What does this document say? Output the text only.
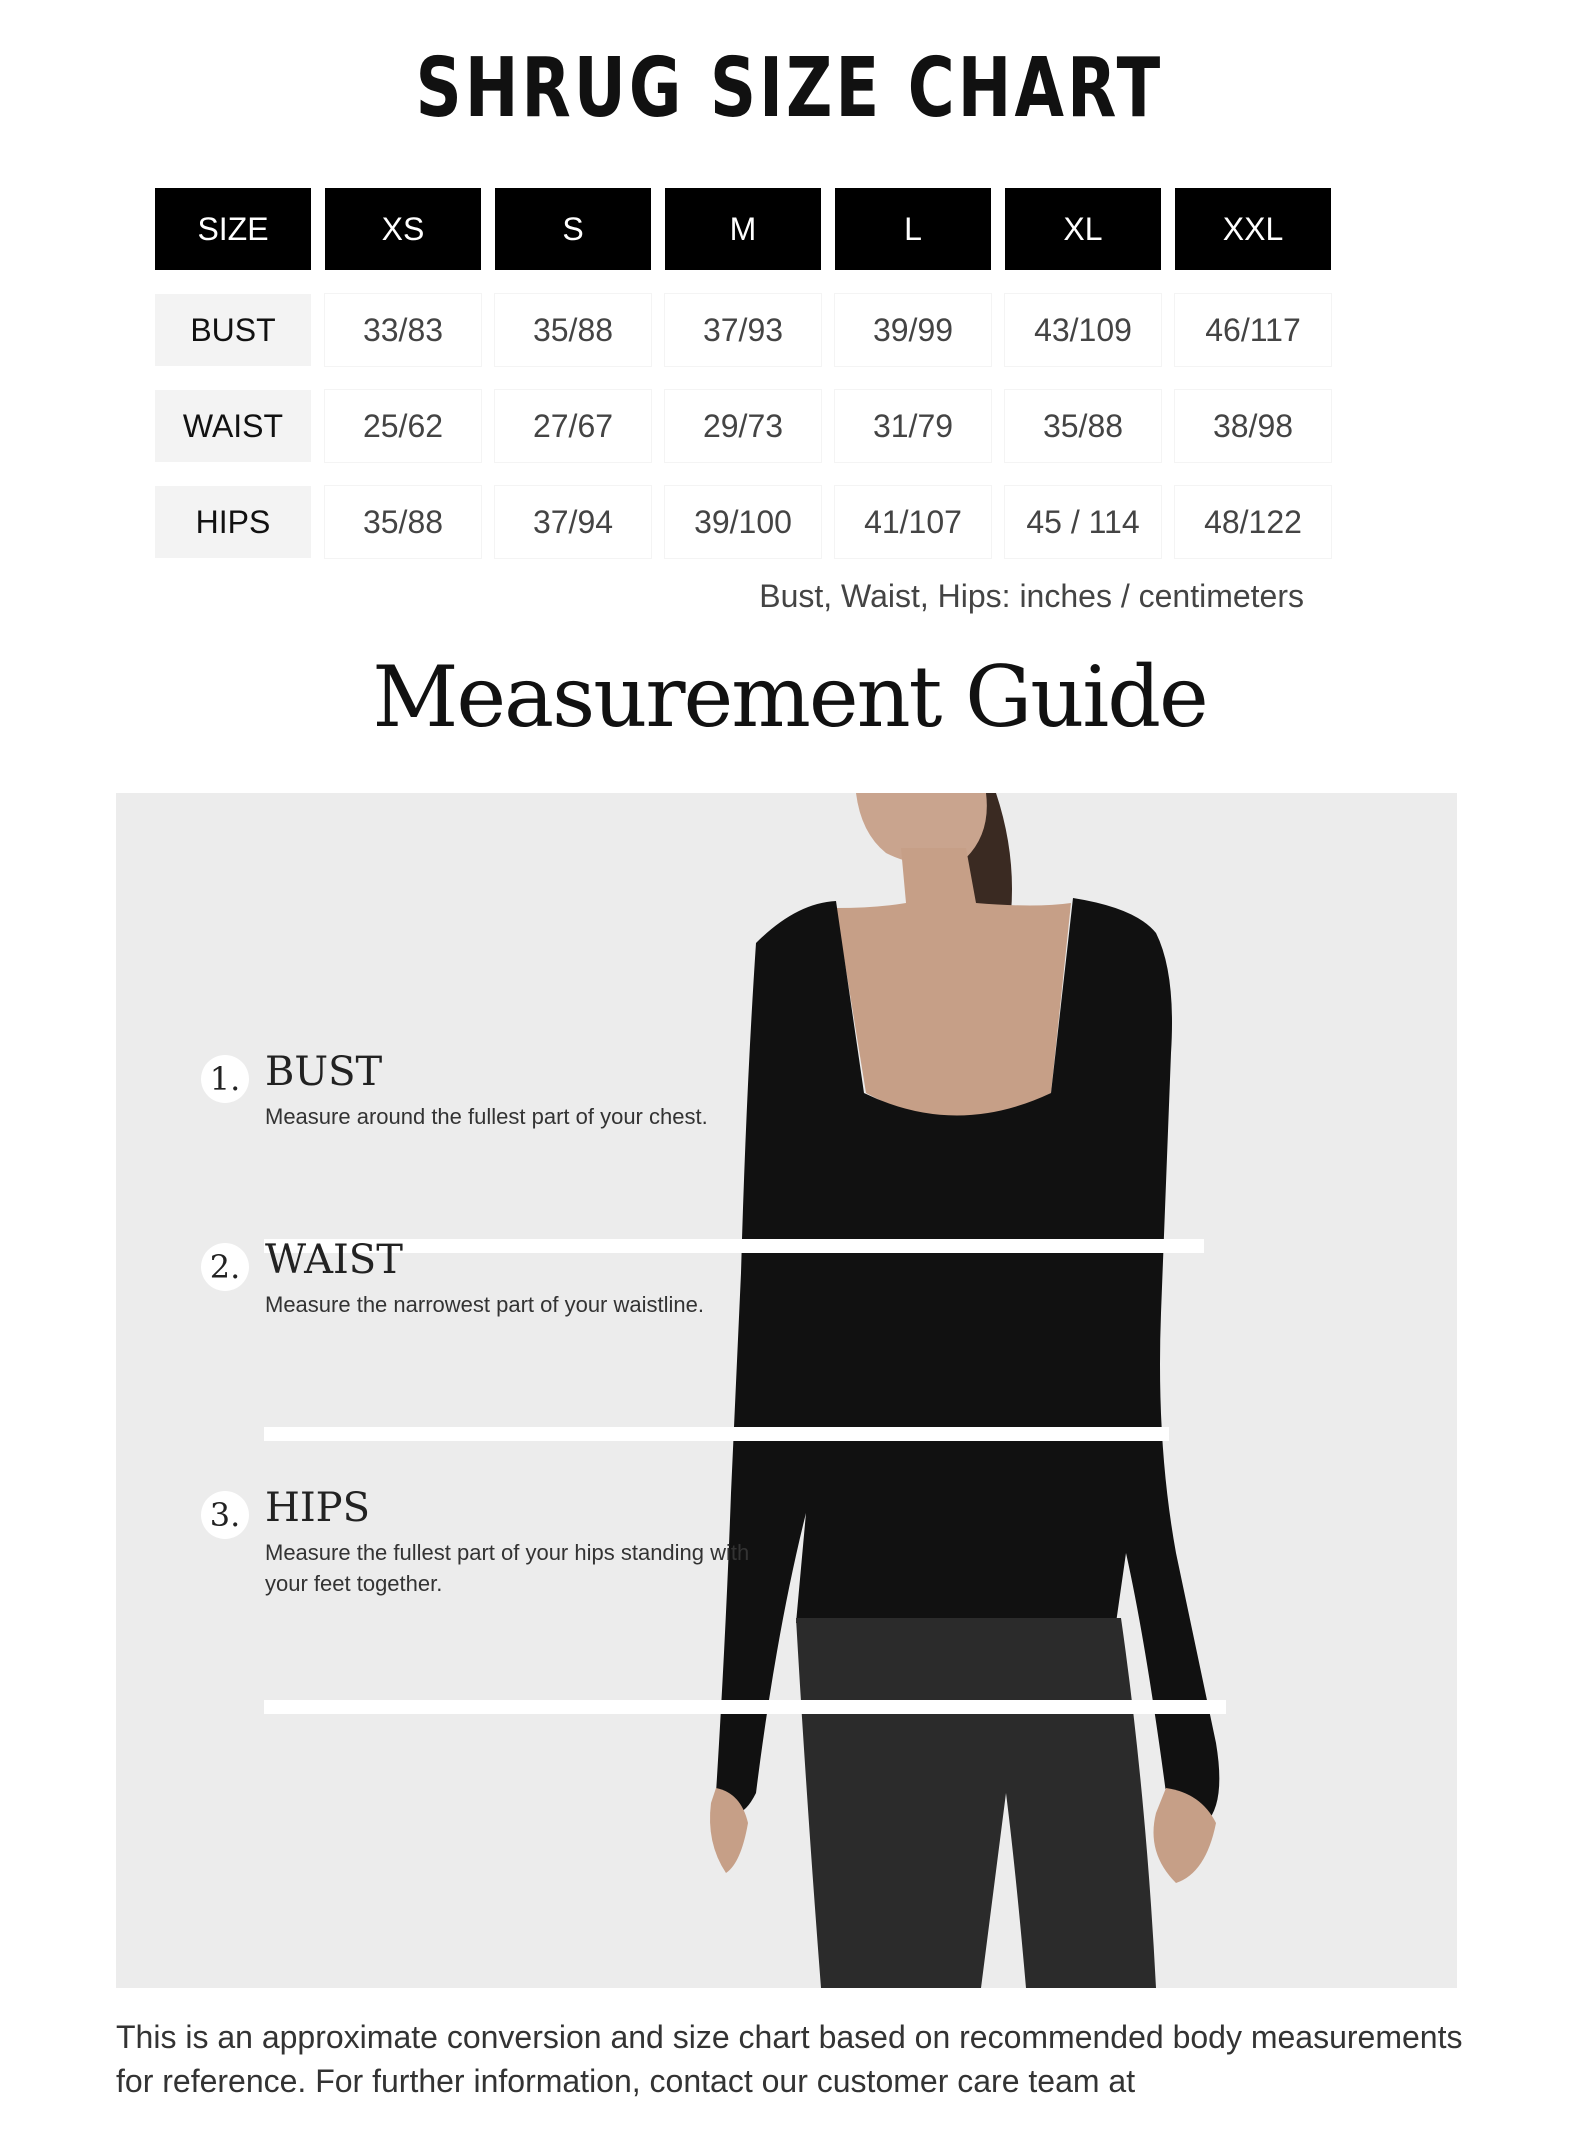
SHRUG SIZE CHART
SIZE	XS	S	M	L	XL	XXL
BUST	33/83	35/88	37/93	39/99	43/109	46/117
WAIST	25/62	27/67	29/73	31/79	35/88	38/98
HIPS	35/88	37/94	39/100	41/107	45 / 114	48/122
Bust, Waist, Hips: inches / centimeters
Measurement Guide
1. BUST
Measure around the fullest part of your chest.
2. WAIST
Measure the narrowest part of your waistline.
3. HIPS
Measure the fullest part of your hips standing with your feet together.

This is an approximate conversion and size chart based on recommended body measurements for reference. For further information, contact our customer care team at
